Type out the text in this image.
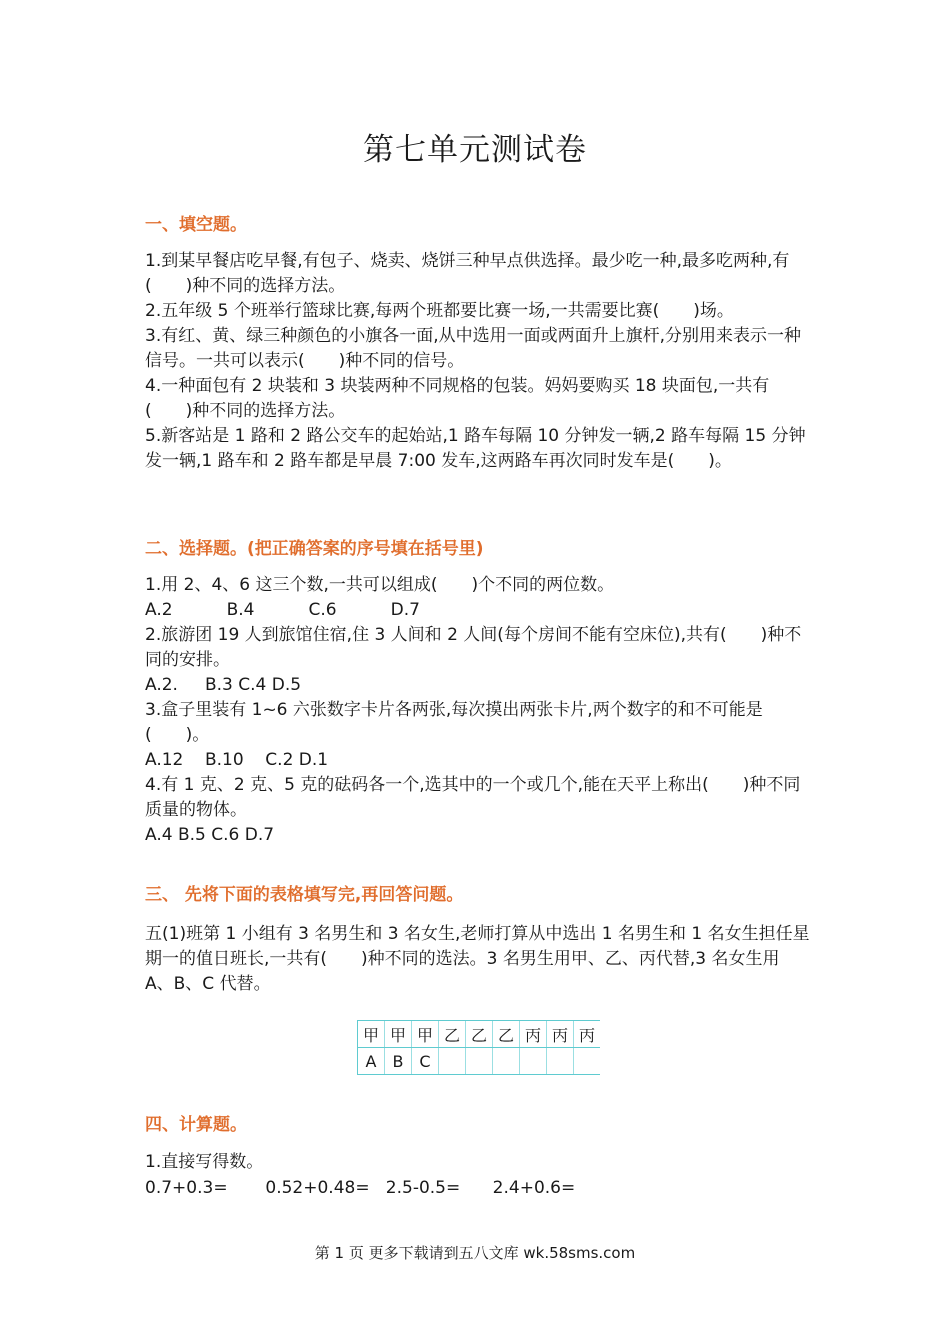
第七单元测试卷
一、填空题。

1.到某早餐店吃早餐,有包子、烧卖、烧饼三种早点供选择。最少吃一种,最多吃两种,有(　　)种不同的选择方法。

2.五年级 5 个班举行篮球比赛,每两个班都要比赛一场,一共需要比赛(　　)场。

3.有红、黄、绿三种颜色的小旗各一面,从中选用一面或两面升上旗杆,分别用来表示一种信号。一共可以表示(　　)种不同的信号。

4.一种面包有 2 块装和 3 块装两种不同规格的包装。妈妈要购买 18 块面包,一共有(　　)种不同的选择方法。

5.新客站是 1 路和 2 路公交车的起始站,1 路车每隔 10 分钟发一辆,2 路车每隔 15 分钟发一辆,1 路车和 2 路车都是早晨 7:00 发车,这两路车再次同时发车是(　　)。

二、选择题。(把正确答案的序号填在括号里)

1.用 2、4、6 这三个数,一共可以组成(　　)个不同的两位数。

A.2          B.4          C.6          D.7

2.旅游团 19 人到旅馆住宿,住 3 人间和 2 人间(每个房间不能有空床位),共有(　　)种不同的安排。

A.2.     B.3 C.4 D.5

3.盒子里装有 1~6 六张数字卡片各两张,每次摸出两张卡片,两个数字的和不可能是(　　)。

A.12    B.10    C.2 D.1

4.有 1 克、2 克、5 克的砝码各一个,选其中的一个或几个,能在天平上称出(　　)种不同质量的物体。

A.4 B.5 C.6 D.7

三、 先将下面的表格填写完,再回答问题。

五(1)班第 1 小组有 3 名男生和 3 名女生,老师打算从中选出 1 名男生和 1 名女生担任星期一的值日班长,一共有(　　)种不同的选法。3 名男生用甲、乙、丙代替,3 名女生用 A、B、C 代替。

甲	甲	甲	乙	乙	乙	丙	丙	丙
A	B	C						
四、计算题。

1.直接写得数。

0.7+0.3=       0.52+0.48=   2.5-0.5=      2.4+0.6=
第 1 页 更多下载请到五八文库 wk.58sms.com
